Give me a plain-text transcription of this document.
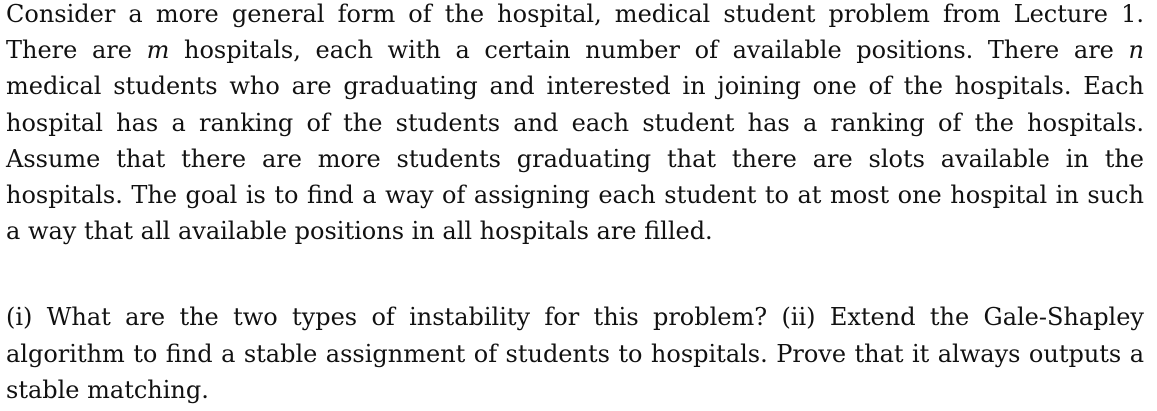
Consider a more general form of the hospital, medical student problem from Lecture 1. There are m hospitals, each with a certain number of available positions. There are n medical students who are graduating and interested in joining one of the hospitals. Each hospital has a ranking of the students and each student has a ranking of the hospitals. Assume that there are more students graduating that there are slots available in the hospitals. The goal is to find a way of assigning each student to at most one hospital in such a way that all available positions in all hospitals are filled.

(i) What are the two types of instability for this problem? (ii) Extend the Gale-Shapley algorithm to find a stable assignment of students to hospitals. Prove that it always outputs a stable matching.
